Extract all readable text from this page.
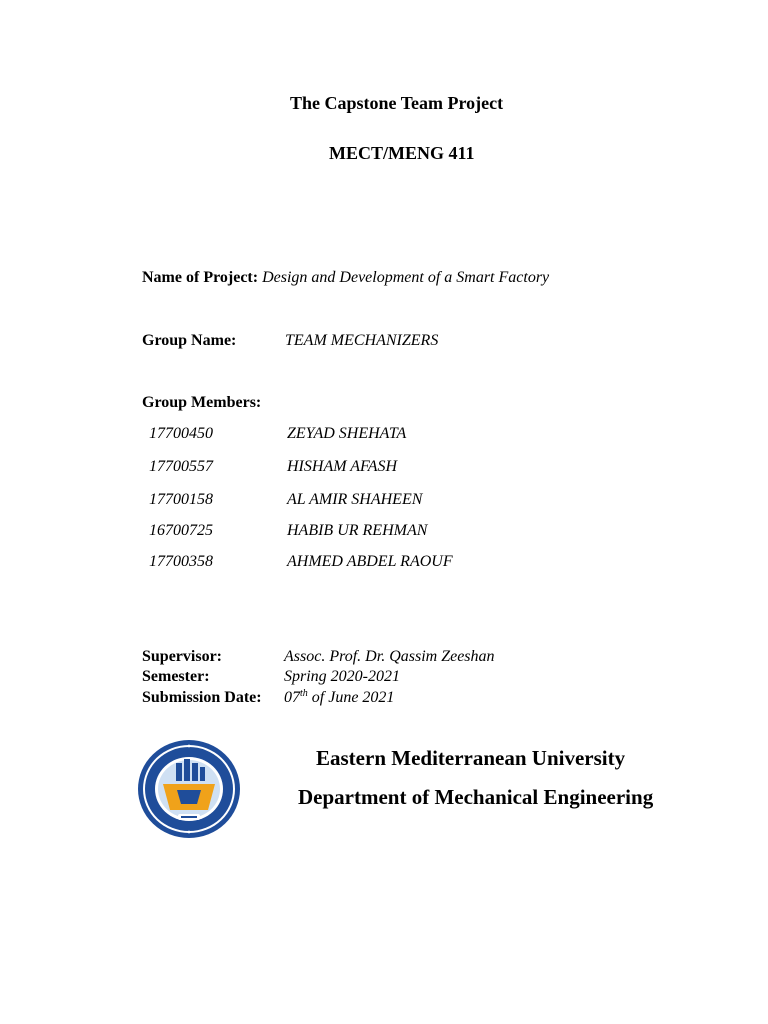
The Capstone Team Project
MECT/MENG 411
Name of Project: Design and Development of a Smart Factory
Group Name:	TEAM MECHANIZERS
Group Members:
17700450	ZEYAD SHEHATA
17700557	HISHAM AFASH
17700158	AL AMIR SHAHEEN
16700725	HABIB UR REHMAN
17700358	AHMED ABDEL RAOUF
Supervisor:	Assoc. Prof. Dr. Qassim Zeeshan
Semester:	Spring 2020-2021
Submission Date: 07th of June 2021
Eastern Mediterranean University
Department of Mechanical Engineering
